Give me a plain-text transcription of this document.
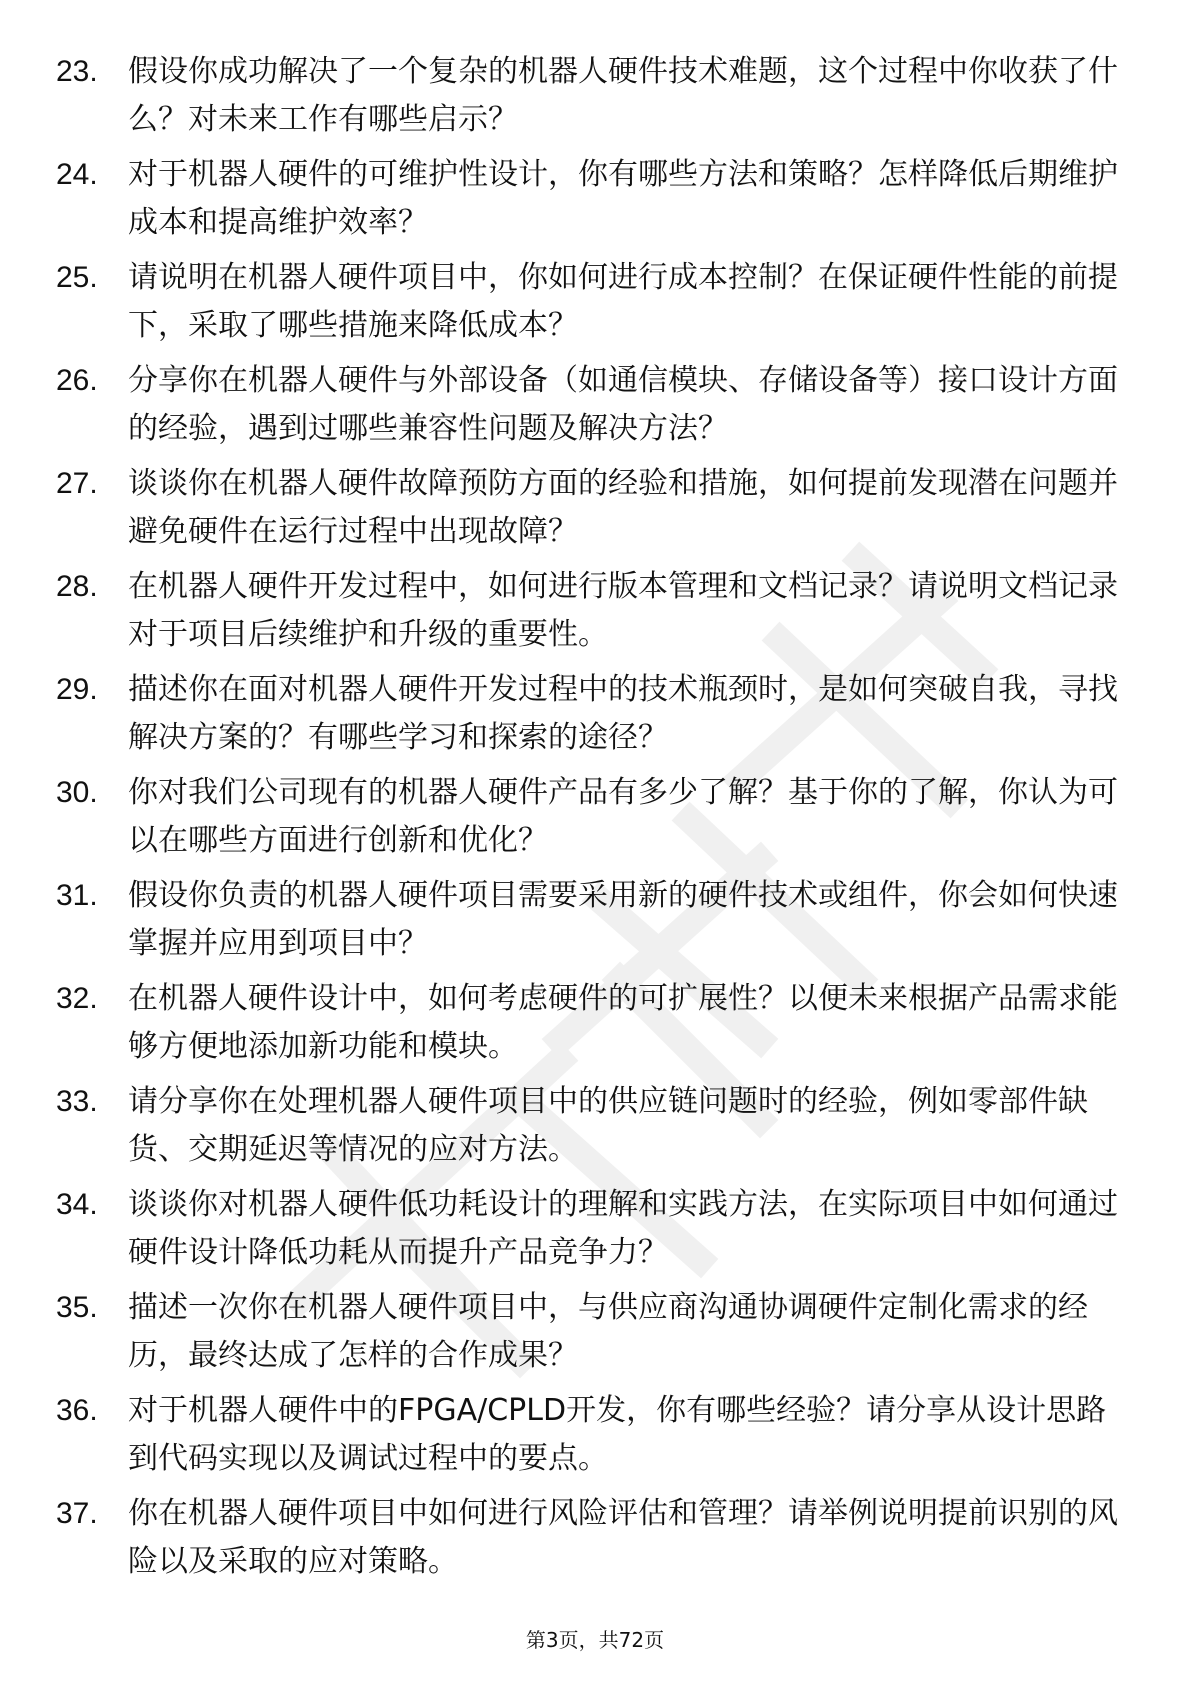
23.	假设你成功解决了一个复杂的机器人硬件技术难题，这个过程中你收获了什么？对未来工作有哪些启示？
24.	对于机器人硬件的可维护性设计，你有哪些方法和策略？怎样降低后期维护成本和提高维护效率？
25.	请说明在机器人硬件项目中，你如何进行成本控制？在保证硬件性能的前提下，采取了哪些措施来降低成本？
26.	分享你在机器人硬件与外部设备（如通信模块、存储设备等）接口设计方面的经验，遇到过哪些兼容性问题及解决方法？
27.	谈谈你在机器人硬件故障预防方面的经验和措施，如何提前发现潜在问题并避免硬件在运行过程中出现故障？
28.	在机器人硬件开发过程中，如何进行版本管理和文档记录？请说明文档记录对于项目后续维护和升级的重要性。
29.	描述你在面对机器人硬件开发过程中的技术瓶颈时，是如何突破自我，寻找解决方案的？有哪些学习和探索的途径？
30.	你对我们公司现有的机器人硬件产品有多少了解？基于你的了解，你认为可以在哪些方面进行创新和优化？
31.	假设你负责的机器人硬件项目需要采用新的硬件技术或组件，你会如何快速掌握并应用到项目中？
32.	在机器人硬件设计中，如何考虑硬件的可扩展性？以便未来根据产品需求能够方便地添加新功能和模块。
33.	请分享你在处理机器人硬件项目中的供应链问题时的经验，例如零部件缺货、交期延迟等情况的应对方法。
34.	谈谈你对机器人硬件低功耗设计的理解和实践方法，在实际项目中如何通过硬件设计降低功耗从而提升产品竞争力？
35.	描述一次你在机器人硬件项目中，与供应商沟通协调硬件定制化需求的经历，最终达成了怎样的合作成果？
36.	对于机器人硬件中的FPGA/CPLD开发，你有哪些经验？请分享从设计思路到代码实现以及调试过程中的要点。
37.	你在机器人硬件项目中如何进行风险评估和管理？请举例说明提前识别的风险以及采取的应对策略。
第3页，共72页
